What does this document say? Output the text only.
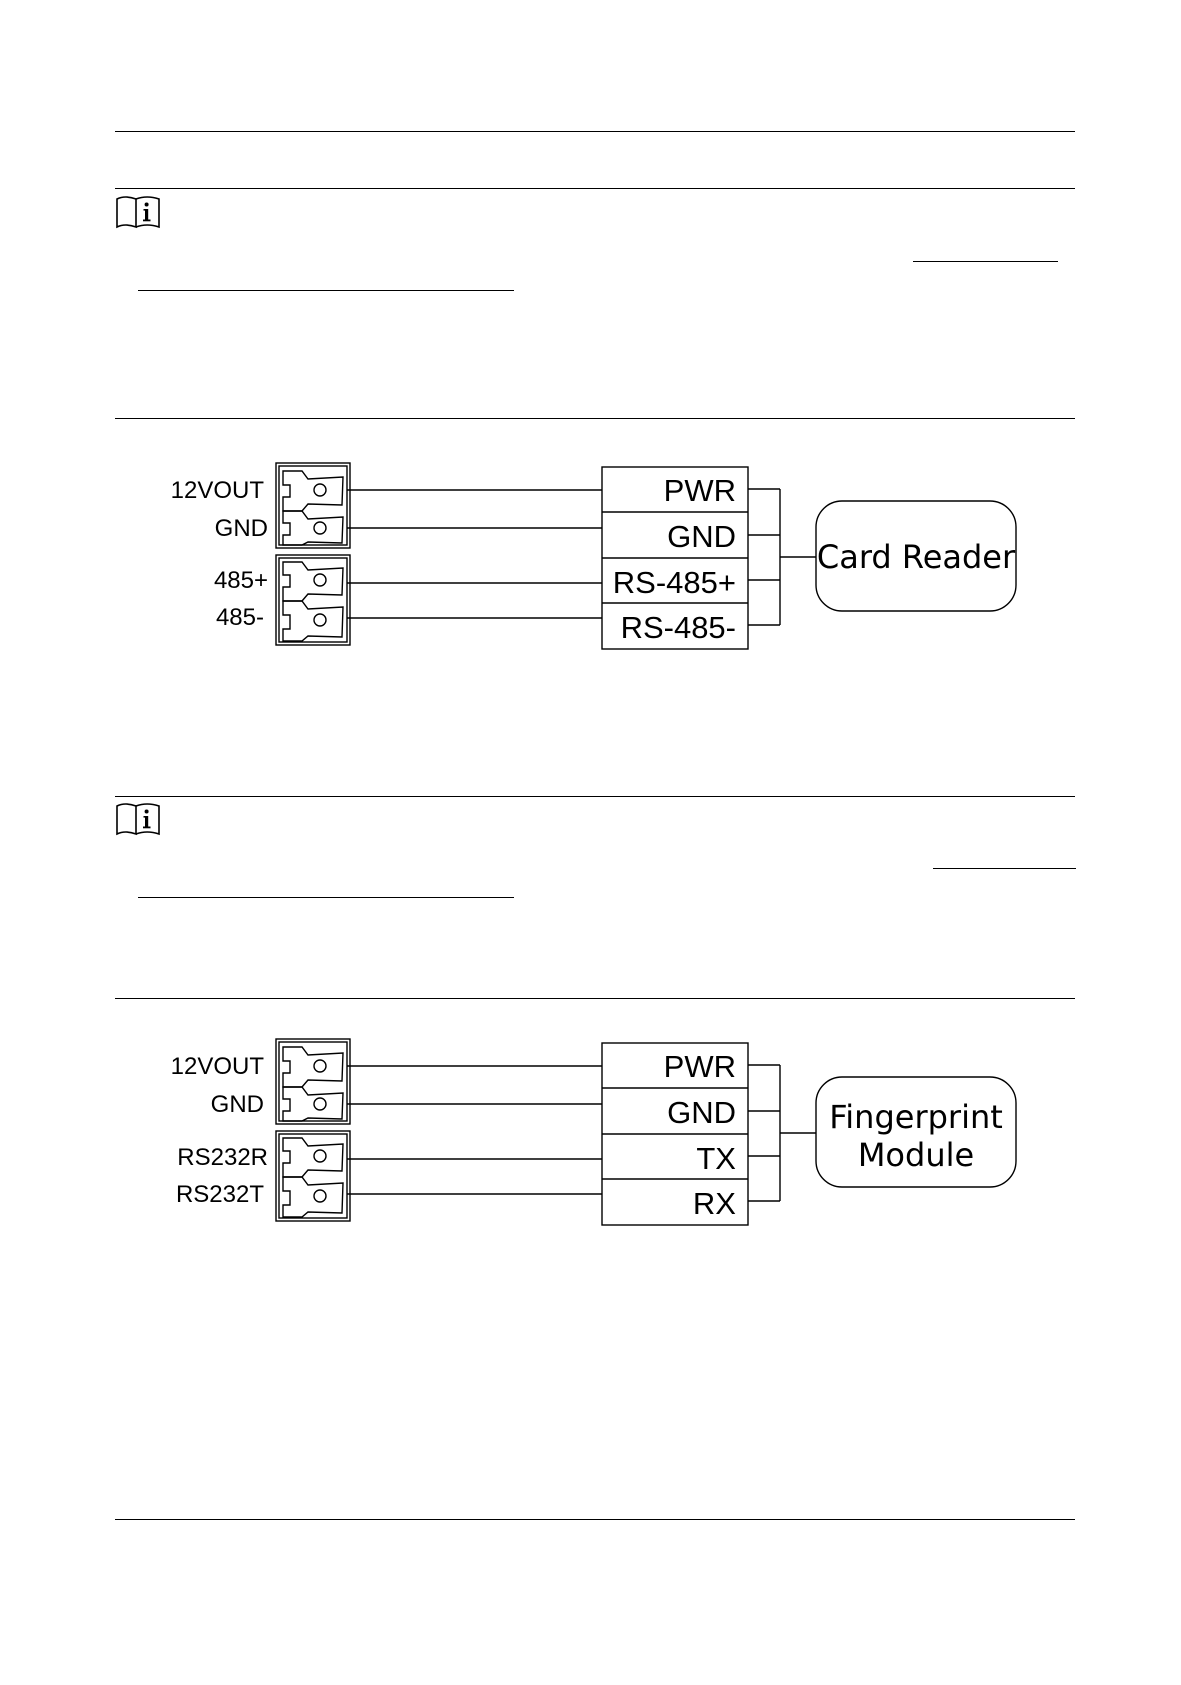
12VOUT
GND
485+
485-
PWR
GND
RS-485+
RS-485-
Card Reader
12VOUT
GND
RS232R
RS232T
PWR
GND
TX
RX
Fingerprint
Module
